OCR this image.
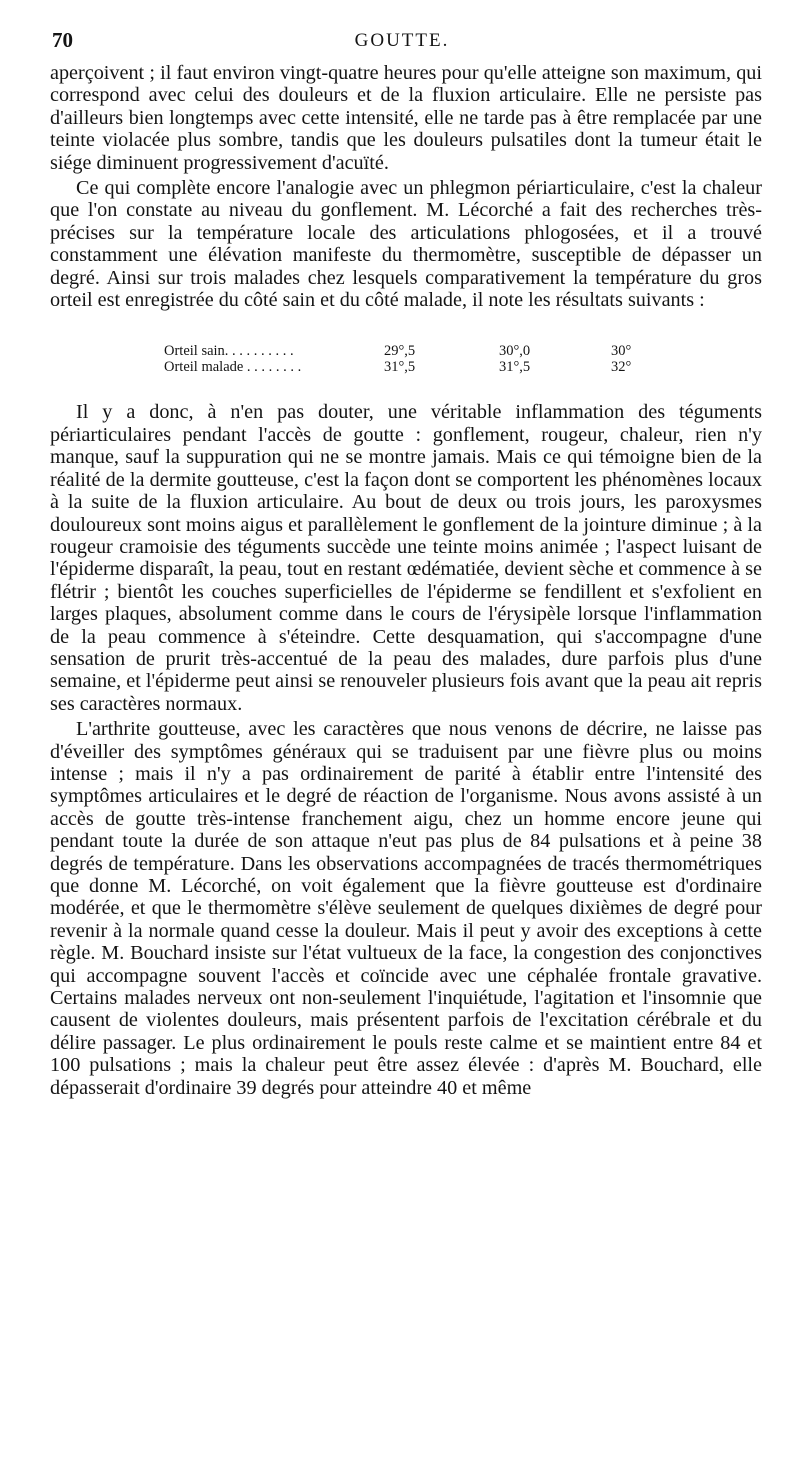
70	GOUTTE.

aperçoivent ; il faut environ vingt-quatre heures pour qu'elle atteigne son maximum, qui correspond avec celui des douleurs et de la fluxion articulaire. Elle ne persiste pas d'ailleurs bien longtemps avec cette intensité, elle ne tarde pas à être remplacée par une teinte violacée plus sombre, tandis que les douleurs pulsatiles dont la tumeur était le siége diminuent progressivement d'acuïté.

Ce qui complète encore l'analogie avec un phlegmon périarticulaire, c'est la chaleur que l'on constate au niveau du gonflement. M. Lécorché a fait des recherches très-précises sur la température locale des articulations phlogosées, et il a trouvé constamment une élévation manifeste du thermomètre, susceptible de dépasser un degré. Ainsi sur trois malades chez lesquels comparativement la température du gros orteil est enregistrée du côté sain et du côté malade, il note les résultats suivants :

Orteil sain. . . . . . . . . .	29°,5	30°,0	30°
Orteil malade . . . . . . . .	31°,5	31°,5	32°

Il y a donc, à n'en pas douter, une véritable inflammation des téguments périarticulaires pendant l'accès de goutte : gonflement, rougeur, chaleur, rien n'y manque, sauf la suppuration qui ne se montre jamais. Mais ce qui témoigne bien de la réalité de la dermite goutteuse, c'est la façon dont se comportent les phénomènes locaux à la suite de la fluxion articulaire. Au bout de deux ou trois jours, les paroxysmes douloureux sont moins aigus et parallèlement le gonflement de la jointure diminue ; à la rougeur cramoisie des téguments succède une teinte moins animée ; l'aspect luisant de l'épiderme disparaît, la peau, tout en restant œdématiée, devient sèche et commence à se flétrir ; bientôt les couches superficielles de l'épiderme se fendillent et s'exfolient en larges plaques, absolument comme dans le cours de l'érysipèle lorsque l'inflammation de la peau commence à s'éteindre. Cette desquamation, qui s'accompagne d'une sensation de prurit très-accentué de la peau des malades, dure parfois plus d'une semaine, et l'épiderme peut ainsi se renouveler plusieurs fois avant que la peau ait repris ses caractères normaux.

L'arthrite goutteuse, avec les caractères que nous venons de décrire, ne laisse pas d'éveiller des symptômes généraux qui se traduisent par une fièvre plus ou moins intense ; mais il n'y a pas ordinairement de parité à établir entre l'intensité des symptômes articulaires et le degré de réaction de l'organisme. Nous avons assisté à un accès de goutte très-intense franchement aigu, chez un homme encore jeune qui pendant toute la durée de son attaque n'eut pas plus de 84 pulsations et à peine 38 degrés de température. Dans les observations accompagnées de tracés thermométriques que donne M. Lécorché, on voit également que la fièvre goutteuse est d'ordinaire modérée, et que le thermomètre s'élève seulement de quelques dixièmes de degré pour revenir à la normale quand cesse la douleur. Mais il peut y avoir des exceptions à cette règle. M. Bouchard insiste sur l'état vultueux de la face, la congestion des conjonctives qui accompagne souvent l'accès et coïncide avec une céphalée frontale gravative. Certains malades nerveux ont non-seulement l'inquiétude, l'agitation et l'insomnie que causent de violentes douleurs, mais présentent parfois de l'excitation cérébrale et du délire passager. Le plus ordinairement le pouls reste calme et se maintient entre 84 et 100 pulsations ; mais la chaleur peut être assez élevée : d'après M. Bouchard, elle dépasserait d'ordinaire 39 degrés pour atteindre 40 et même
